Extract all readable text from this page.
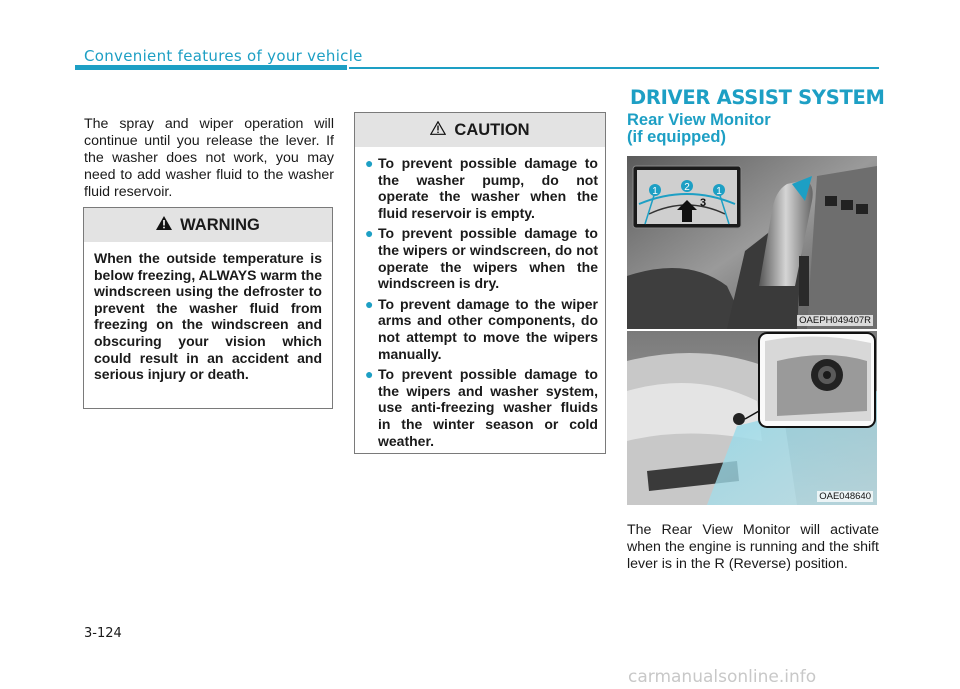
Convenient features of your vehicle
The spray and wiper operation will continue until you release the lever. If the washer does not work, you may need to add washer fluid to the washer fluid reservoir.
WARNING
When the outside temperature is below freezing, ALWAYS warm the windscreen using the defroster to prevent the washer fluid from freezing on the windscreen and obscuring your vision which could result in an accident and serious injury or death.
CAUTION
● To prevent possible damage to the washer pump, do not operate the washer when the fluid reservoir is empty.
● To prevent possible damage to the wipers or windscreen, do not operate the wipers when the windscreen is dry.
● To prevent damage to the wiper arms and other components, do not attempt to move the wipers manually.
● To prevent possible damage to the wipers and washer system, use anti-freezing washer fluids in the winter season or cold weather.
DRIVER ASSIST SYSTEM
Rear View Monitor
(if equipped)
1	2	1
3
OAEPH049407R
OAE048640
The Rear View Monitor will activate when the engine is running and the shift lever is in the R (Reverse) position.
3-124
carmanualsonline.info
